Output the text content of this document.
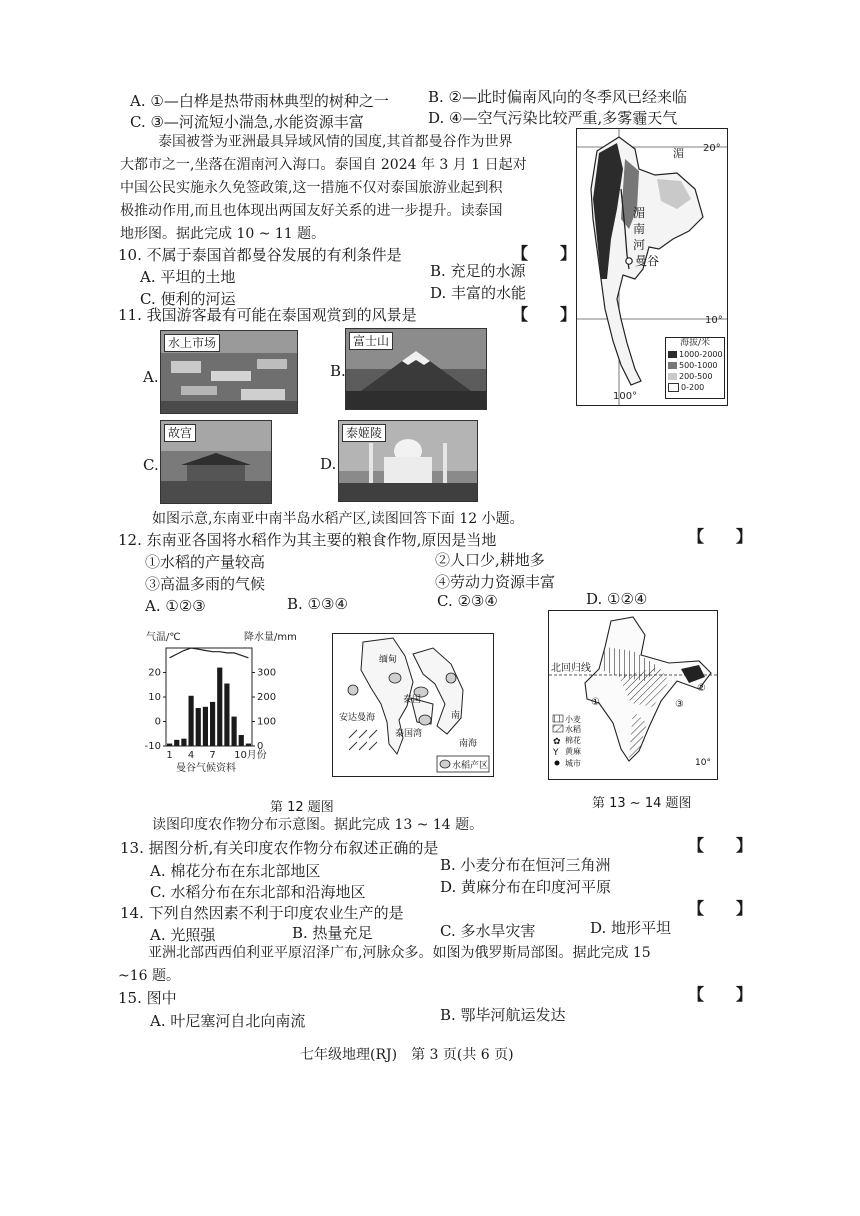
A. ①—白桦是热带雨林典型的树种之一	B. ②—此时偏南风向的冬季风已经来临
C. ③—河流短小湍急,水能资源丰富	D. ④—空气污染比较严重,多雾霾天气
泰国被誉为亚洲最具异域风情的国度,其首都曼谷作为世界
大都市之一,坐落在湄南河入海口。泰国自 2024 年 3 月 1 日起对
中国公民实施永久免签政策,这一措施不仅对泰国旅游业起到积
极推动作用,而且也体现出两国友好关系的进一步提升。读泰国
地形图。据此完成 10 ~ 11 题。
10. 不属于泰国首都曼谷发展的有利条件是	【　　】
A. 平坦的土地	B. 充足的水源
C. 便利的河运	D. 丰富的水能
11. 我国游客最有可能在泰国观赏到的风景是	【　　】
A.
水上市场
B.
富士山
C.
故宫
D.
泰姬陵
20°
10°
100°
湄
湄
南
河
曼谷
海拔/米
1000-2000
500-1000
200-500
0-200
如图示意,东南亚中南半岛水稻产区,读图回答下面 12 小题。
【　　】
12. 东南亚各国将水稻作为其主要的粮食作物,原因是当地
①水稻的产量较高	②人口少,耕地多
③高温多雨的气候	④劳动力资源丰富
A. ①②③	B. ①③④	C. ②③④	D. ①②④
气温/℃	降水量/mm
20
10
0
-10
300
200
100
0
1 4 7 10月份
曼谷气候资料
缅甸
泰国
安达曼海
泰国湾
南
南海
水稻产区
北回归线
①
②
③
10°
小麦
水稻
✿ 棉花
Y 黄麻
城市
第 12 题图	第 13 ~ 14 题图
读图印度农作物分布示意图。据此完成 13 ~ 14 题。
13. 据图分析,有关印度农作物分布叙述正确的是	【　　】
A. 棉花分布在东北部地区	B. 小麦分布在恒河三角洲
C. 水稻分布在东北部和沿海地区	D. 黄麻分布在印度河平原
14. 下列自然因素不利于印度农业生产的是	【　　】
A. 光照强	B. 热量充足	C. 多水旱灾害	D. 地形平坦
亚洲北部西西伯利亚平原沼泽广布,河脉众多。如图为俄罗斯局部图。据此完成 15
~16 题。
15. 图中	【　　】
A. 叶尼塞河自北向南流	B. 鄂毕河航运发达
七年级地理(RJ)　第 3 页(共 6 页)
